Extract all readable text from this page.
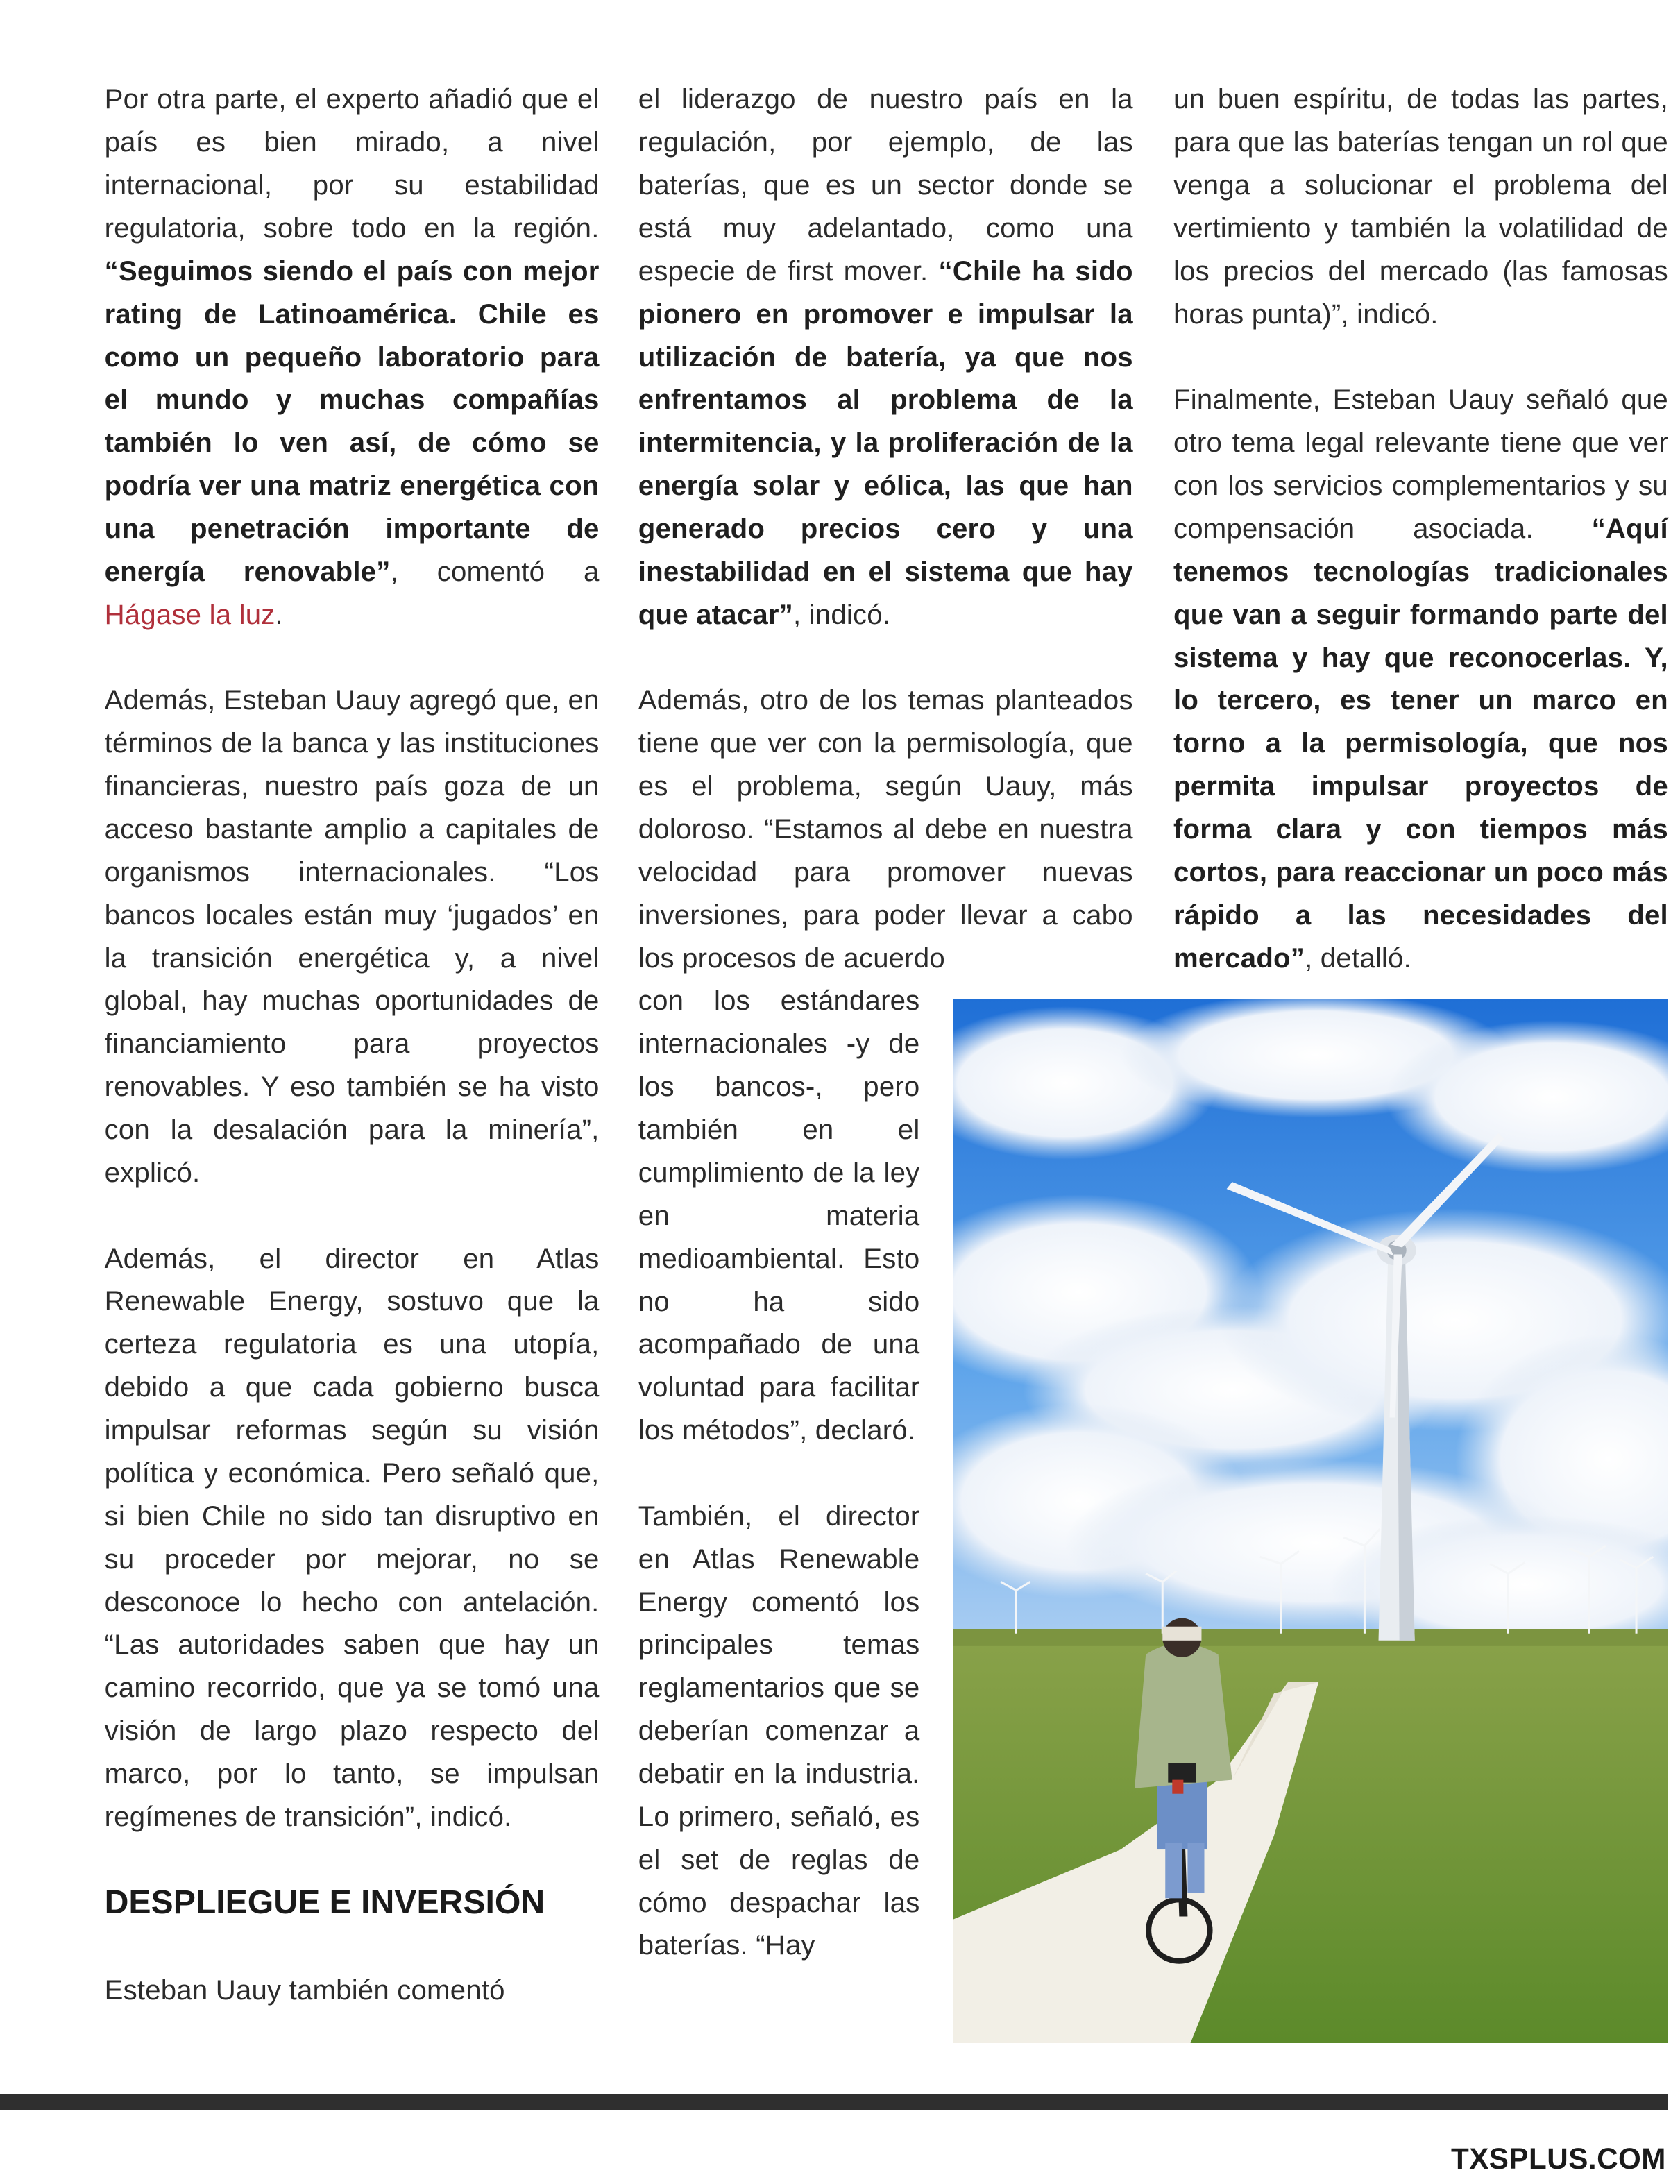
Por otra parte, el experto añadió que el país es bien mirado, a nivel internacional, por su estabilidad regulatoria, sobre todo en la región. “Seguimos siendo el país con mejor rating de Latinoamérica. Chile es como un pequeño laboratorio para el mundo y muchas compañías también lo ven así, de cómo se podría ver una matriz energética con una penetración importante de energía renovable”, comentó a Hágase la luz.

Además, Esteban Uauy agregó que, en términos de la banca y las instituciones financieras, nuestro país goza de un acceso bastante amplio a capitales de organismos internacionales. “Los bancos locales están muy ‘jugados’ en la transición energética y, a nivel global, hay muchas oportunidades de financiamiento para proyectos renovables. Y eso también se ha visto con la desalación para la minería”, explicó.

Además, el director en Atlas Renewable Energy, sostuvo que la certeza regulatoria es una utopía, debido a que cada gobierno busca impulsar reformas según su visión política y económica. Pero señaló que, si bien Chile no sido tan disruptivo en su proceder por mejorar, no se desconoce lo hecho con antelación. “Las autoridades saben que hay un camino recorrido, que ya se tomó una visión de largo plazo respecto del marco, por lo tanto, se impulsan regímenes de transición”, indicó.

DESPLIEGUE E INVERSIÓN

Esteban Uauy también comentó

el liderazgo de nuestro país en la regulación, por ejemplo, de las baterías, que es un sector donde se está muy adelantado, como una especie de first mover. “Chile ha sido pionero en promover e impulsar la utilización de batería, ya que nos enfrentamos al problema de la intermitencia, y la proliferación de la energía solar y eólica, las que han generado precios cero y una inestabilidad en el sistema que hay que atacar”, indicó.

Además, otro de los temas planteados tiene que ver con la permisología, que es el problema, según Uauy, más doloroso. “Estamos al debe en nuestra velocidad para promover nuevas inversiones, para poder llevar a cabo los procesos de acuerdo
con los estándares internacionales -y de los bancos-, pero también en el cumplimiento de la ley en materia medioambiental. Esto no ha sido acompañado de una voluntad para facilitar los métodos”, declaró.

También, el director en Atlas Renewable Energy comentó los principales temas reglamentarios que se deberían comenzar a debatir en la industria. Lo primero, señaló, es el set de reglas de cómo despachar las baterías. “Hay

un buen espíritu, de todas las partes, para que las baterías tengan un rol que venga a solucionar el problema del vertimiento y también la volatilidad de los precios del mercado (las famosas horas punta)”, indicó.

Finalmente, Esteban Uauy señaló que otro tema legal relevante tiene que ver con los servicios complementarios y su compensación asociada. “Aquí tenemos tecnologías tradicionales que van a seguir formando parte del sistema y hay que reconocerlas. Y, lo tercero, es tener un marco en torno a la permisología, que nos permita impulsar proyectos de forma clara y con tiempos más cortos, para reaccionar un poco más rápido a las necesidades del mercado”, detalló.

TXSPLUS.COM
